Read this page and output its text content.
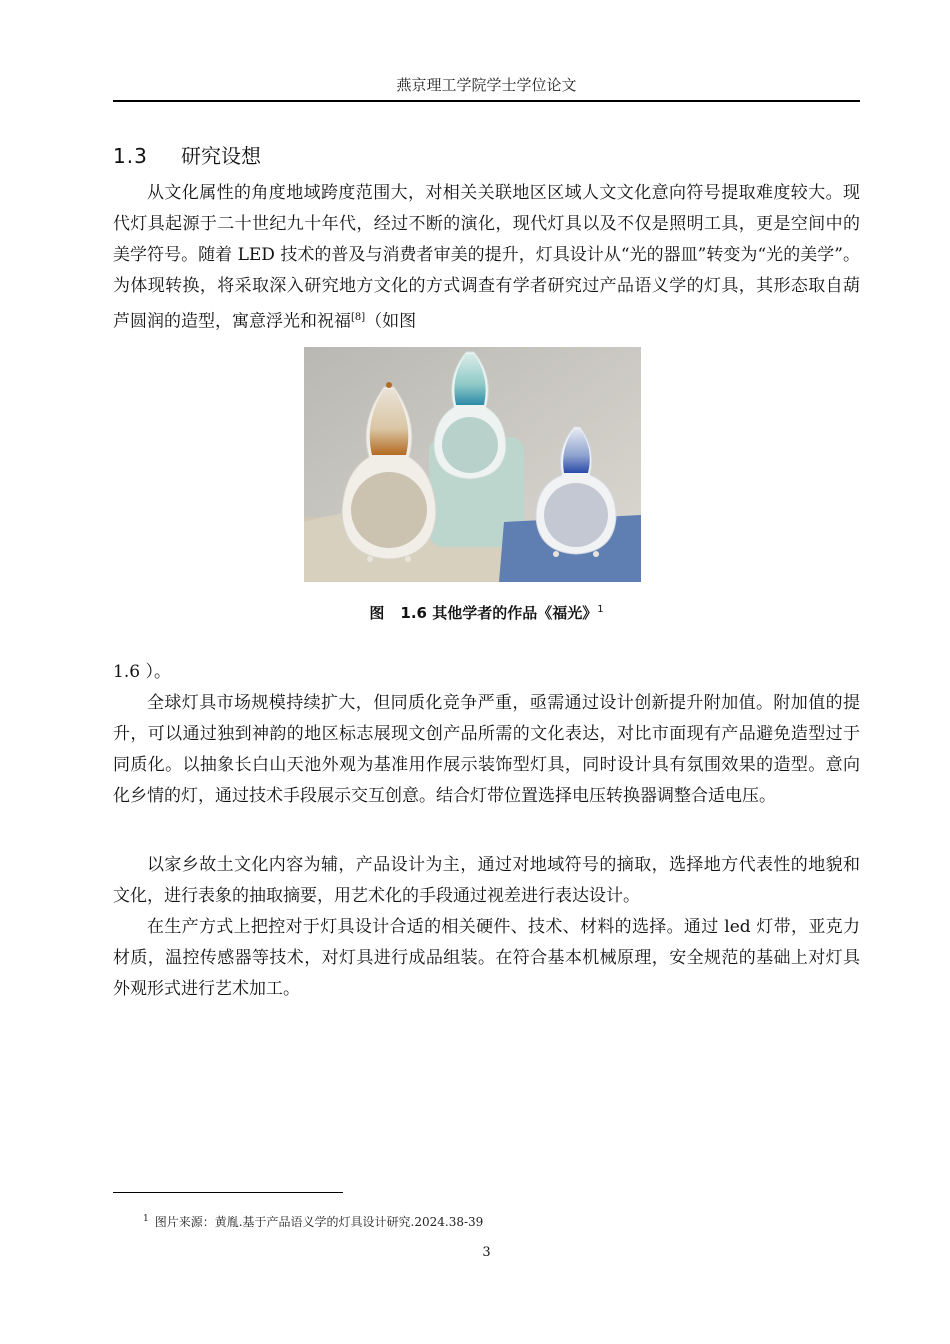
燕京理工学院学士学位论文
1.3 研究设想

从文化属性的角度地域跨度范围大，对相关关联地区区域人文文化意向符号提取难度较大。现代灯具起源于二十世纪九十年代，经过不断的演化，现代灯具以及不仅是照明工具，更是空间中的美学符号。随着 LED 技术的普及与消费者审美的提升，灯具设计从“光的器皿”转变为“光的美学”。为体现转换，将采取深入研究地方文化的方式调查有学者研究过产品语义学的灯具，其形态取自葫芦圆润的造型，寓意浮光和祝福[8]（如图

图 1.6 其他学者的作品《福光》$^1$

1.6 ）。

全球灯具市场规模持续扩大，但同质化竞争严重，亟需通过设计创新提升附加值。附加值的提升，可以通过独到神韵的地区标志展现文创产品所需的文化表达，对比市面现有产品避免造型过于同质化。以抽象长白山天池外观为基准用作展示装饰型灯具，同时设计具有氛围效果的造型。意向化乡情的灯，通过技术手段展示交互创意。结合灯带位置选择电压转换器调整合适电压。

以家乡故土文化内容为辅，产品设计为主，通过对地域符号的摘取，选择地方代表性的地貌和文化，进行表象的抽取摘要，用艺术化的手段通过视差进行表达设计。

在生产方式上把控对于灯具设计合适的相关硬件、技术、材料的选择。通过 led 灯带，亚克力材质，温控传感器等技术，对灯具进行成品组装。在符合基本机械原理，安全规范的基础上对灯具外观形式进行艺术加工。

$^1$ 图片来源：黄胤.基于产品语义学的灯具设计研究.2024.38-39
3
